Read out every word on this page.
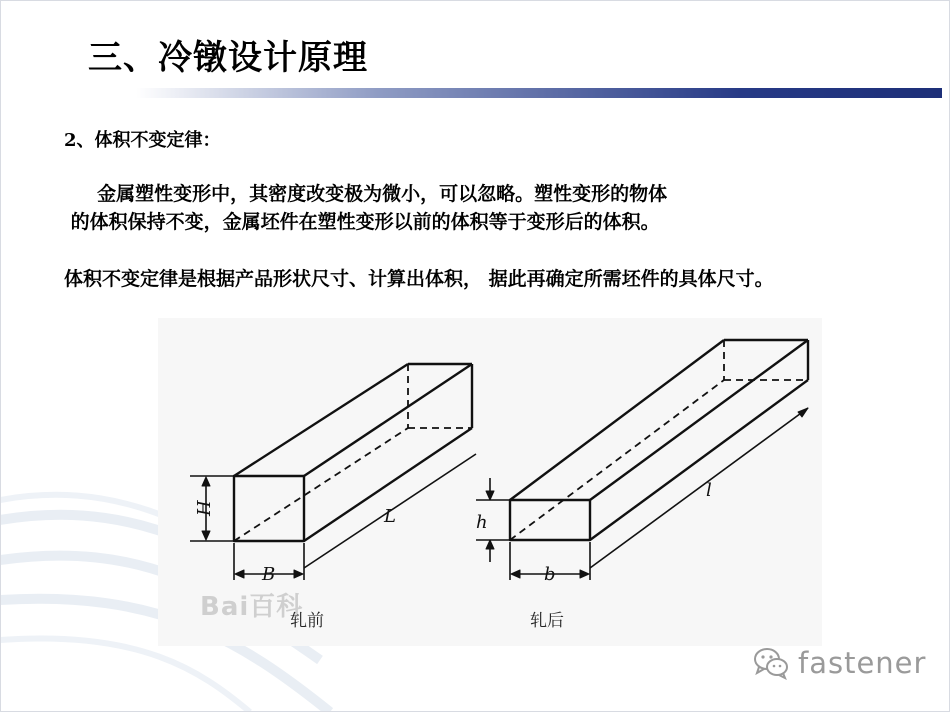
三、冷镦设计原理
2、体积不变定律：
金属塑性变形中，其密度改变极为微小，可以忽略。塑性变形的物体
的体积保持不变，金属坯件在塑性变形以前的体积等于变形后的体积。
体积不变定律是根据产品形状尺寸、计算出体积， 据此再确定所需坯件的具体尺寸。
H
B
L	h
b
l
Bai百科
轧前	轧后
fastener
